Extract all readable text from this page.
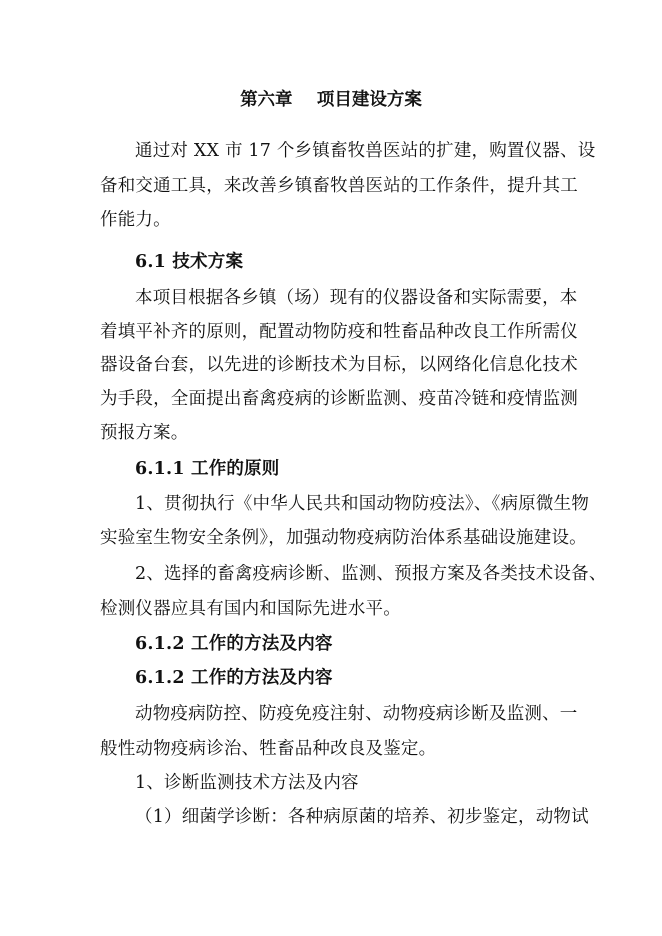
第六章    项目建设方案
通过对 XX 市 17 个乡镇畜牧兽医站的扩建，购置仪器、设
备和交通工具，来改善乡镇畜牧兽医站的工作条件，提升其工
作能力。
6.1 技术方案
本项目根据各乡镇（场）现有的仪器设备和实际需要，本
着填平补齐的原则，配置动物防疫和牲畜品种改良工作所需仪
器设备台套，以先进的诊断技术为目标，以网络化信息化技术
为手段，全面提出畜禽疫病的诊断监测、疫苗冷链和疫情监测
预报方案。
6.1.1 工作的原则
1、贯彻执行《中华人民共和国动物防疫法》、《病原微生物
实验室生物安全条例》，加强动物疫病防治体系基础设施建设。
2、选择的畜禽疫病诊断、监测、预报方案及各类技术设备、
检测仪器应具有国内和国际先进水平。
6.1.2 工作的方法及内容
6.1.2 工作的方法及内容
动物疫病防控、防疫免疫注射、动物疫病诊断及监测、一
般性动物疫病诊治、牲畜品种改良及鉴定。
1、诊断监测技术方法及内容
（1）细菌学诊断：各种病原菌的培养、初步鉴定，动物试
